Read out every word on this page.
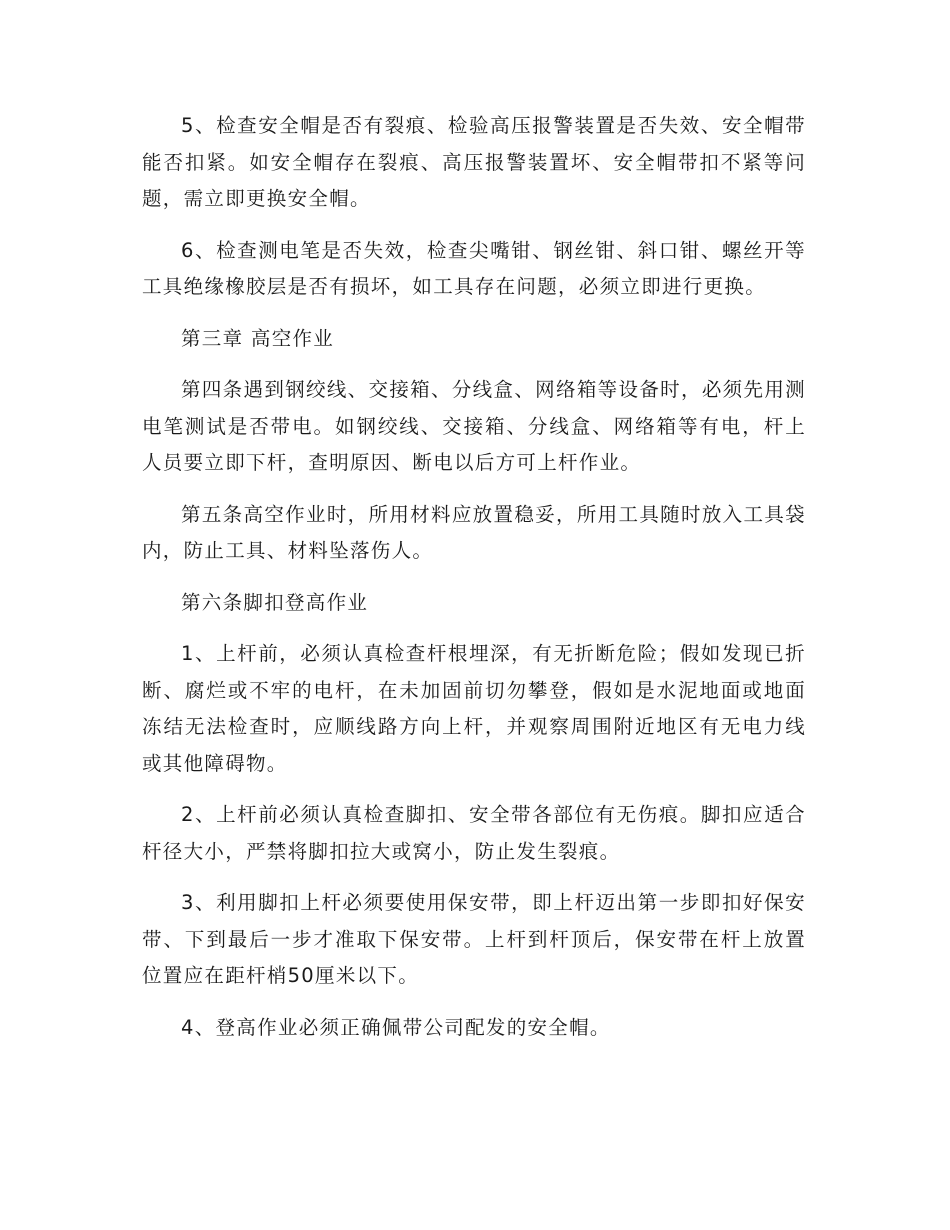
5、检查安全帽是否有裂痕、检验高压报警装置是否失效、安全帽带能否扣紧。如安全帽存在裂痕、高压报警装置坏、安全帽带扣不紧等问题，需立即更换安全帽。

6、检查测电笔是否失效，检查尖嘴钳、钢丝钳、斜口钳、螺丝开等工具绝缘橡胶层是否有损坏，如工具存在问题，必须立即进行更换。

第三章 高空作业

第四条遇到钢绞线、交接箱、分线盒、网络箱等设备时，必须先用测电笔测试是否带电。如钢绞线、交接箱、分线盒、网络箱等有电，杆上人员要立即下杆，查明原因、断电以后方可上杆作业。

第五条高空作业时，所用材料应放置稳妥，所用工具随时放入工具袋内，防止工具、材料坠落伤人。

第六条脚扣登高作业

1、上杆前，必须认真检查杆根埋深，有无折断危险；假如发现已折断、腐烂或不牢的电杆，在未加固前切勿攀登，假如是水泥地面或地面冻结无法检查时，应顺线路方向上杆，并观察周围附近地区有无电力线或其他障碍物。

2、上杆前必须认真检查脚扣、安全带各部位有无伤痕。脚扣应适合杆径大小，严禁将脚扣拉大或窝小，防止发生裂痕。

3、利用脚扣上杆必须要使用保安带，即上杆迈出第一步即扣好保安带、下到最后一步才准取下保安带。上杆到杆顶后，保安带在杆上放置位置应在距杆梢50厘米以下。

4、登高作业必须正确佩带公司配发的安全帽。
